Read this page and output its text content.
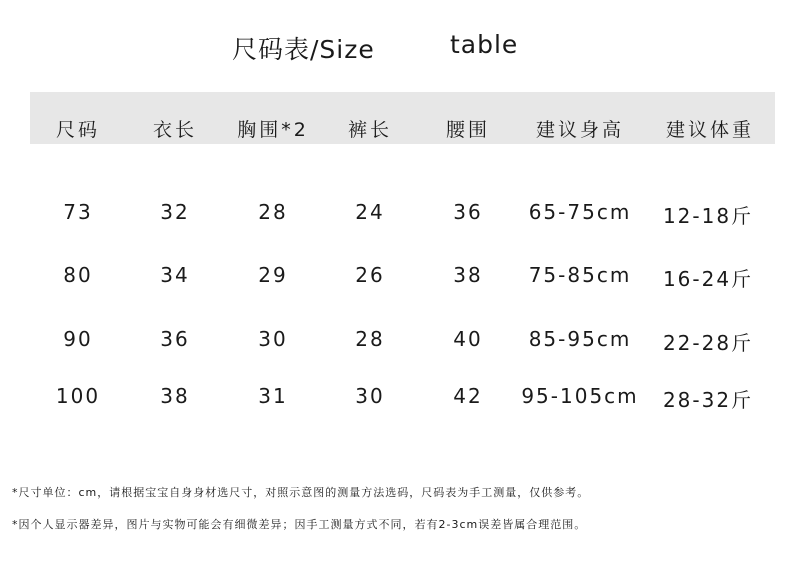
尺码表/Size	table
尺码	衣长	胸围*2	裤长	腰围	建议身高	建议体重
73	32	28	24	36	65-75cm	12-18斤
80	34	29	26	38	75-85cm	16-24斤
90	36	30	28	40	85-95cm	22-28斤
100	38	31	30	42	95-105cm	28-32斤
*尺寸单位：cm，请根据宝宝自身身材选尺寸，对照示意图的测量方法选码，尺码表为手工测量，仅供参考。
*因个人显示器差异，图片与实物可能会有细微差异；因手工测量方式不同，若有2-3cm误差皆属合理范围。
